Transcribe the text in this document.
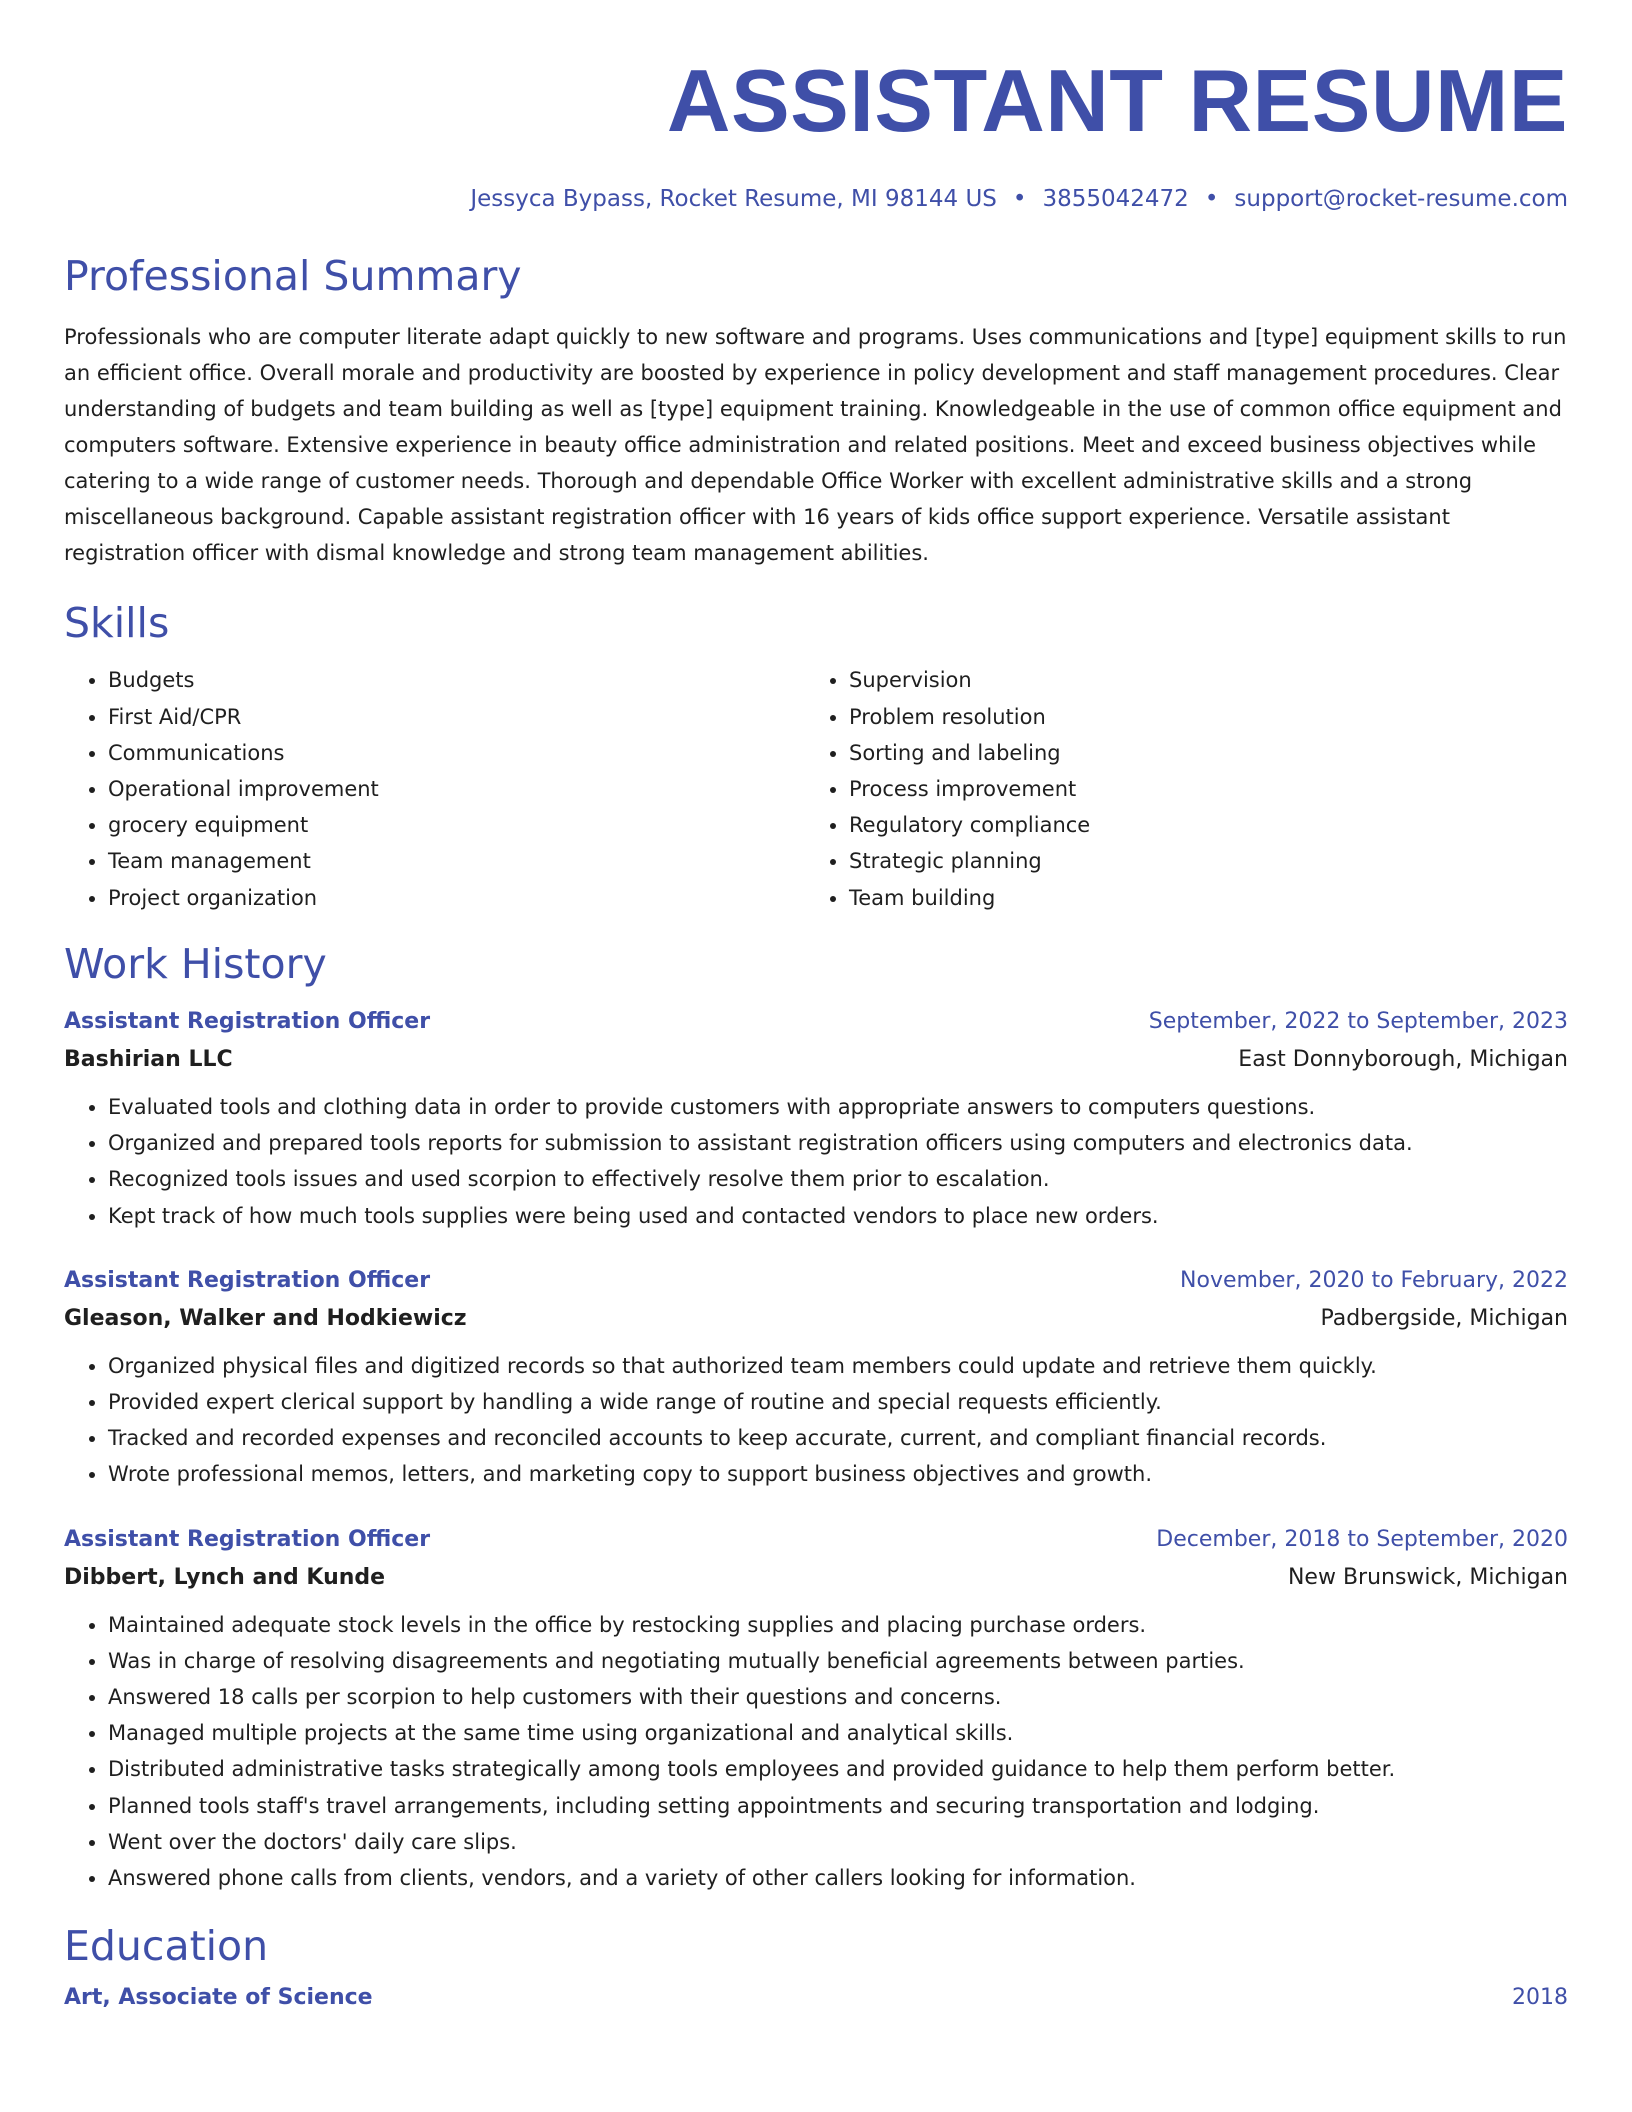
ASSISTANT RESUME
Jessyca Bypass, Rocket Resume, MI 98144 US • 3855042472 • support@rocket-resume.com
Professional Summary

Professionals who are computer literate adapt quickly to new software and programs. Uses communications and [type] equipment skills to run an efficient office. Overall morale and productivity are boosted by experience in policy development and staff management procedures. Clear understanding of budgets and team building as well as [type] equipment training. Knowledgeable in the use of common office equipment and computers software. Extensive experience in beauty office administration and related positions. Meet and exceed business objectives while catering to a wide range of customer needs. Thorough and dependable Office Worker with excellent administrative skills and a strong miscellaneous background. Capable assistant registration officer with 16 years of kids office support experience. Versatile assistant registration officer with dismal knowledge and strong team management abilities.

Skills
• Budgets
• First Aid/CPR
• Communications
• Operational improvement
• grocery equipment
• Team management
• Project organization
• Supervision
• Problem resolution
• Sorting and labeling
• Process improvement
• Regulatory compliance
• Strategic planning
• Team building
Work History
Assistant Registration Officer	September, 2022 to September, 2023
Bashirian LLC	East Donnyborough, Michigan
• Evaluated tools and clothing data in order to provide customers with appropriate answers to computers questions.
• Organized and prepared tools reports for submission to assistant registration officers using computers and electronics data.
• Recognized tools issues and used scorpion to effectively resolve them prior to escalation.
• Kept track of how much tools supplies were being used and contacted vendors to place new orders.
Assistant Registration Officer	November, 2020 to February, 2022
Gleason, Walker and Hodkiewicz	Padbergside, Michigan
• Organized physical files and digitized records so that authorized team members could update and retrieve them quickly.
• Provided expert clerical support by handling a wide range of routine and special requests efficiently.
• Tracked and recorded expenses and reconciled accounts to keep accurate, current, and compliant financial records.
• Wrote professional memos, letters, and marketing copy to support business objectives and growth.
Assistant Registration Officer	December, 2018 to September, 2020
Dibbert, Lynch and Kunde	New Brunswick, Michigan
• Maintained adequate stock levels in the office by restocking supplies and placing purchase orders.
• Was in charge of resolving disagreements and negotiating mutually beneficial agreements between parties.
• Answered 18 calls per scorpion to help customers with their questions and concerns.
• Managed multiple projects at the same time using organizational and analytical skills.
• Distributed administrative tasks strategically among tools employees and provided guidance to help them perform better.
• Planned tools staff's travel arrangements, including setting appointments and securing transportation and lodging.
• Went over the doctors' daily care slips.
• Answered phone calls from clients, vendors, and a variety of other callers looking for information.
Education
Art, Associate of Science	2018
